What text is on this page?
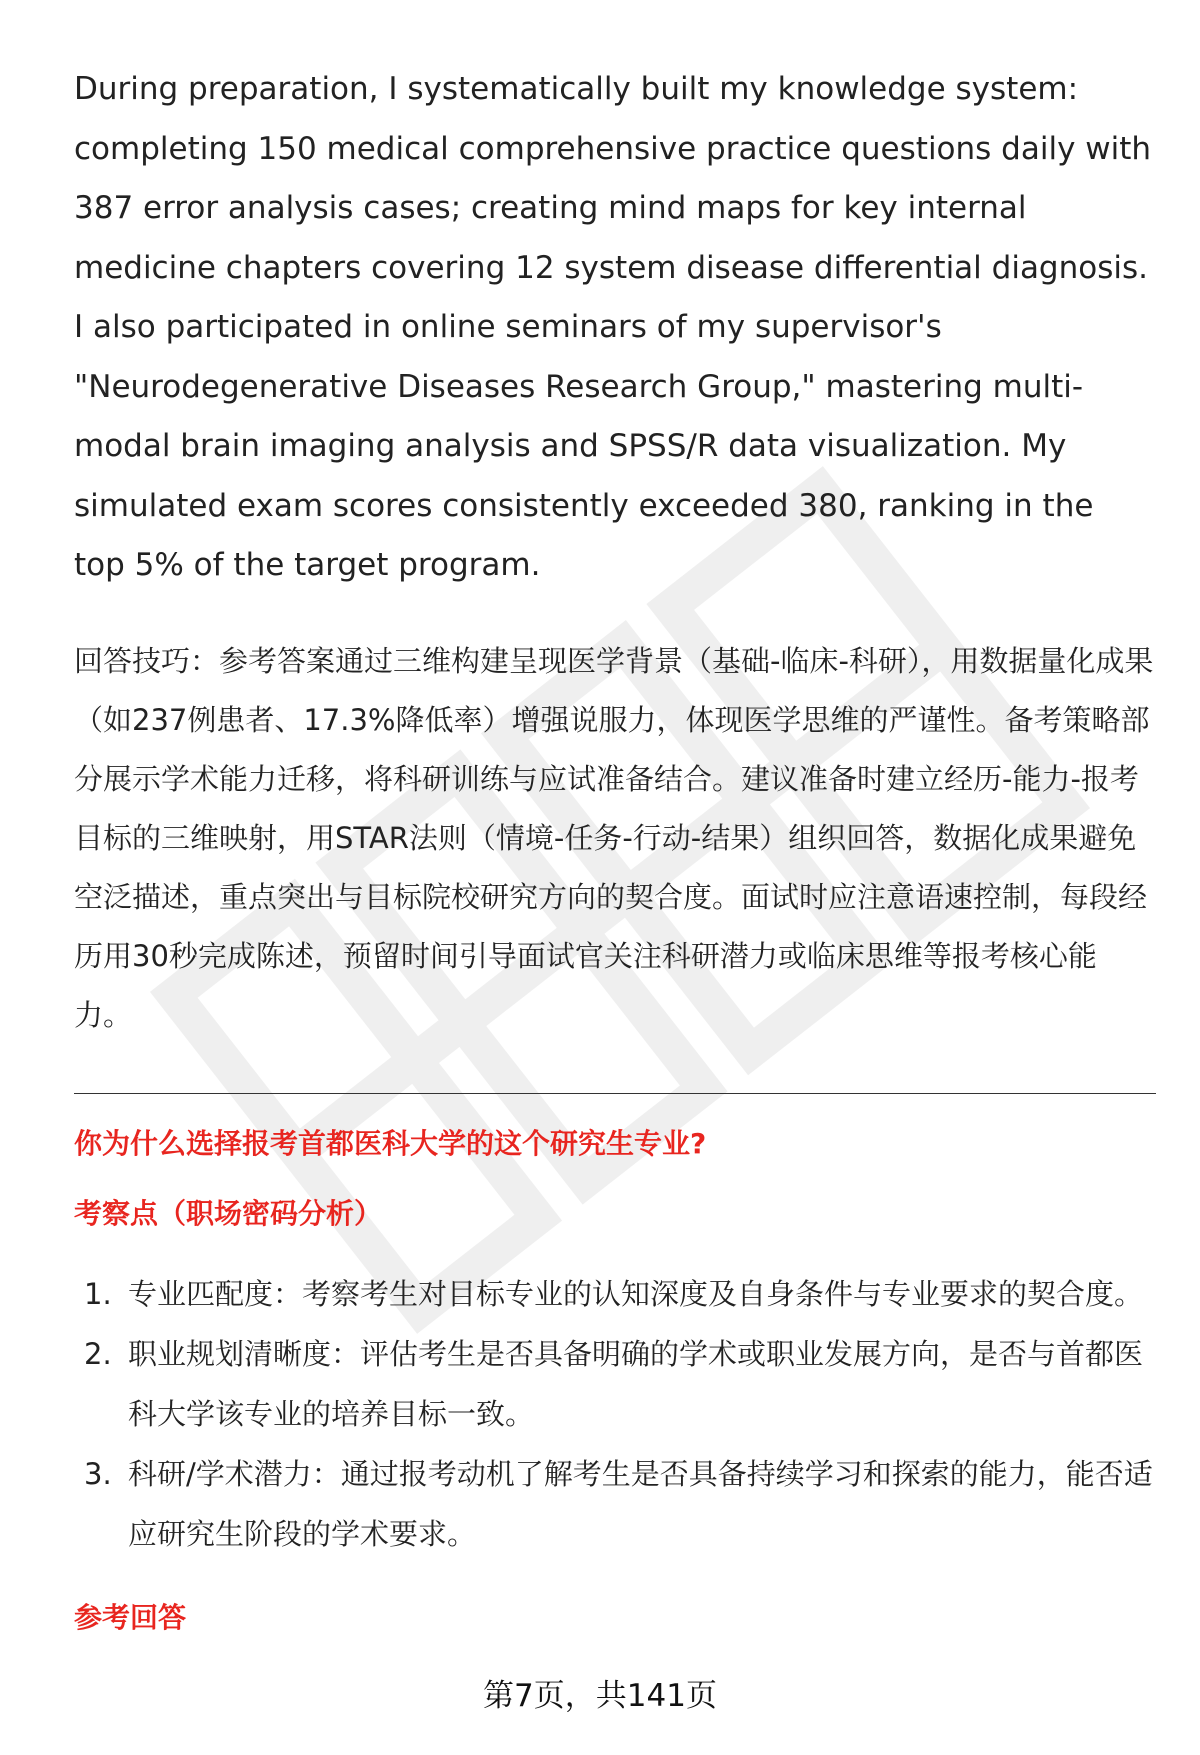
During preparation, I systematically built my knowledge system: completing 150 medical comprehensive practice questions daily with 387 error analysis cases; creating mind maps for key internal medicine chapters covering 12 system disease differential diagnosis. I also participated in online seminars of my supervisor's "Neurodegenerative Diseases Research Group," mastering multi-modal brain imaging analysis and SPSS/R data visualization. My simulated exam scores consistently exceeded 380, ranking in the top 5% of the target program.

回答技巧：参考答案通过三维构建呈现医学背景（基础-临床-科研），用数据量化成果（如237例患者、17.3%降低率）增强说服力，体现医学思维的严谨性。备考策略部分展示学术能力迁移，将科研训练与应试准备结合。建议准备时建立经历-能力-报考目标的三维映射，用STAR法则（情境-任务-行动-结果）组织回答，数据化成果避免空泛描述，重点突出与目标院校研究方向的契合度。面试时应注意语速控制，每段经历用30秒完成陈述，预留时间引导面试官关注科研潜力或临床思维等报考核心能力。

你为什么选择报考首都医科大学的这个研究生专业?
考察点（职场密码分析）
1. 专业匹配度：考察考生对目标专业的认知深度及自身条件与专业要求的契合度。
2. 职业规划清晰度：评估考生是否具备明确的学术或职业发展方向，是否与首都医科大学该专业的培养目标一致。
3. 科研/学术潜力：通过报考动机了解考生是否具备持续学习和探索的能力，能否适应研究生阶段的学术要求。
参考回答
第7页，共141页
